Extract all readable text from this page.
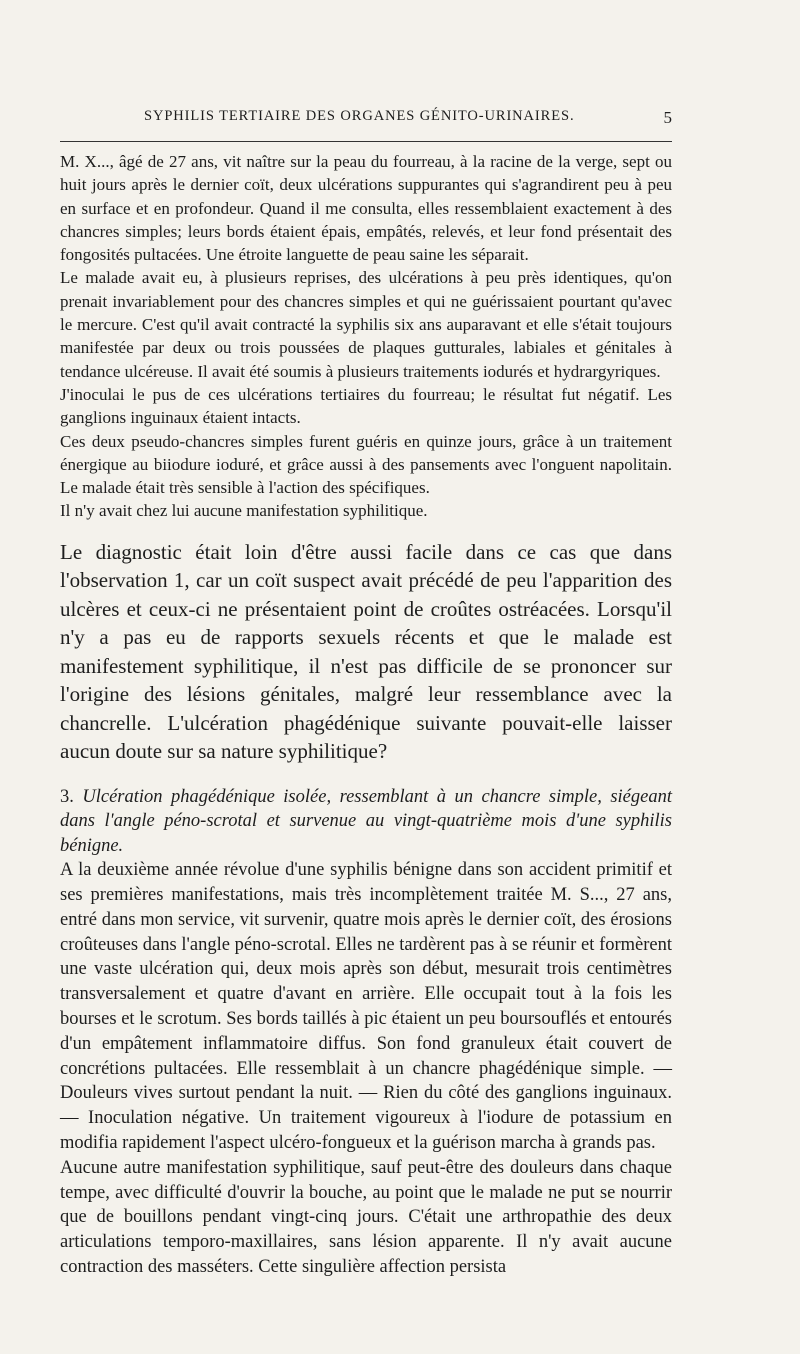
SYPHILIS TERTIAIRE DES ORGANES GÉNITO-URINAIRES.	5

M. X..., âgé de 27 ans, vit naître sur la peau du fourreau, à la racine de la verge, sept ou huit jours après le dernier coït, deux ulcérations suppurantes qui s'agrandirent peu à peu en surface et en profondeur. Quand il me consulta, elles ressemblaient exactement à des chancres simples; leurs bords étaient épais, empâtés, relevés, et leur fond présentait des fongosités pultacées. Une étroite languette de peau saine les séparait.

Le malade avait eu, à plusieurs reprises, des ulcérations à peu près identiques, qu'on prenait invariablement pour des chancres simples et qui ne guérissaient pourtant qu'avec le mercure. C'est qu'il avait contracté la syphilis six ans auparavant et elle s'était toujours manifestée par deux ou trois poussées de plaques gutturales, labiales et génitales à tendance ulcéreuse. Il avait été soumis à plusieurs traitements iodurés et hydrargyriques.

J'inoculai le pus de ces ulcérations tertiaires du fourreau; le résultat fut négatif. Les ganglions inguinaux étaient intacts.

Ces deux pseudo-chancres simples furent guéris en quinze jours, grâce à un traitement énergique au biiodure ioduré, et grâce aussi à des pansements avec l'onguent napolitain. Le malade était très sensible à l'action des spécifiques.

Il n'y avait chez lui aucune manifestation syphilitique.

Le diagnostic était loin d'être aussi facile dans ce cas que dans l'observation 1, car un coït suspect avait précédé de peu l'apparition des ulcères et ceux-ci ne présentaient point de croûtes ostréacées. Lorsqu'il n'y a pas eu de rapports sexuels récents et que le malade est manifestement syphilitique, il n'est pas difficile de se prononcer sur l'origine des lésions génitales, malgré leur ressemblance avec la chancrelle. L'ulcération phagédénique suivante pouvait-elle laisser aucun doute sur sa nature syphilitique?

3. Ulcération phagédénique isolée, ressemblant à un chancre simple, siégeant dans l'angle péno-scrotal et survenue au vingt-quatrième mois d'une syphilis bénigne.

A la deuxième année révolue d'une syphilis bénigne dans son accident primitif et ses premières manifestations, mais très incomplètement traitée M. S..., 27 ans, entré dans mon service, vit survenir, quatre mois après le dernier coït, des érosions croûteuses dans l'angle péno-scrotal. Elles ne tardèrent pas à se réunir et formèrent une vaste ulcération qui, deux mois après son début, mesurait trois centimètres transversalement et quatre d'avant en arrière. Elle occupait tout à la fois les bourses et le scrotum. Ses bords taillés à pic étaient un peu boursouflés et entourés d'un empâtement inflammatoire diffus. Son fond granuleux était couvert de concrétions pultacées. Elle ressemblait à un chancre phagédénique simple. — Douleurs vives surtout pendant la nuit. — Rien du côté des ganglions inguinaux. — Inoculation négative. Un traitement vigoureux à l'iodure de potassium en modifia rapidement l'aspect ulcéro-fongueux et la guérison marcha à grands pas.

Aucune autre manifestation syphilitique, sauf peut-être des douleurs dans chaque tempe, avec difficulté d'ouvrir la bouche, au point que le malade ne put se nourrir que de bouillons pendant vingt-cinq jours. C'était une arthropathie des deux articulations temporo-maxillaires, sans lésion apparente. Il n'y avait aucune contraction des masséters. Cette singulière affection persista
